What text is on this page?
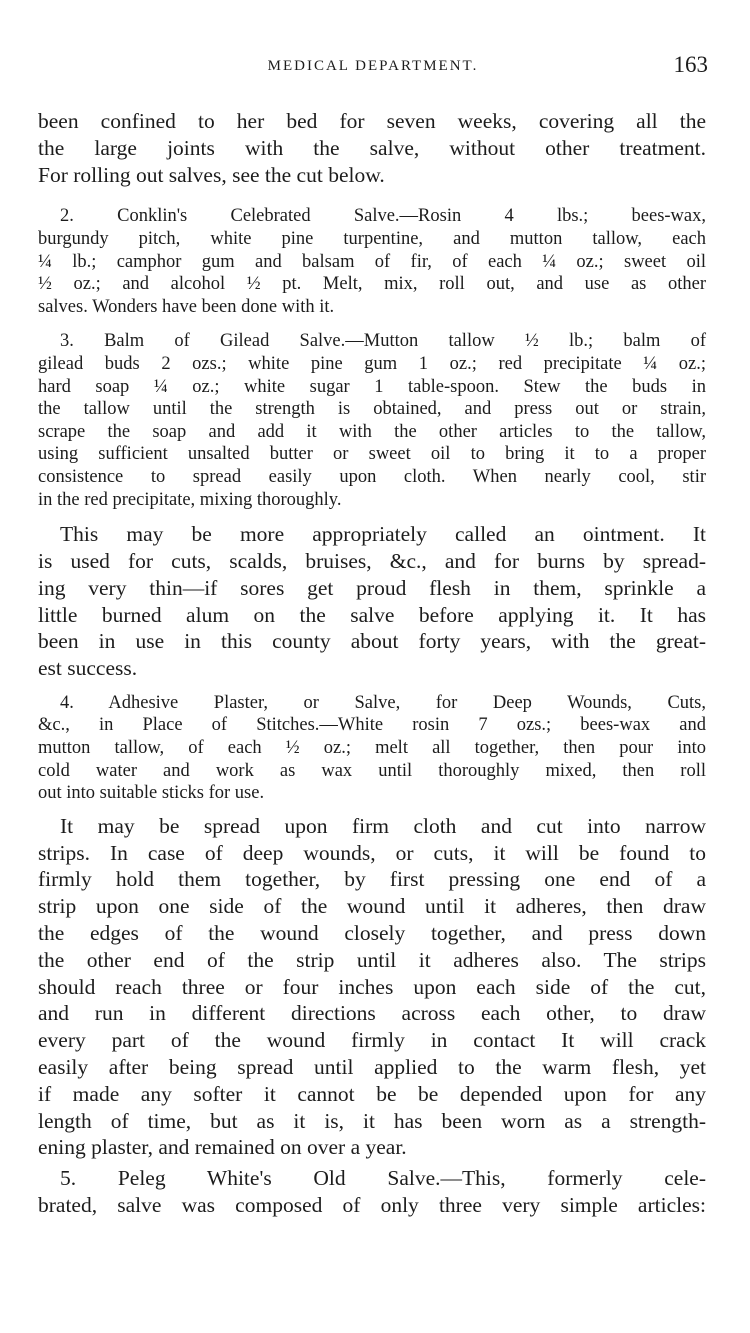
MEDICAL DEPARTMENT.	163
been confined to her bed for seven weeks, covering all the
the large joints with the salve, without other treatment.
For rolling out salves, see the cut below.
2. Conklin's Celebrated Salve.—Rosin 4 lbs.; bees-wax,
burgundy pitch, white pine turpentine, and mutton tallow, each
¼ lb.; camphor gum and balsam of fir, of each ¼ oz.; sweet oil
½ oz.; and alcohol ½ pt. Melt, mix, roll out, and use as other
salves. Wonders have been done with it.
3. Balm of Gilead Salve.—Mutton tallow ½ lb.; balm of
gilead buds 2 ozs.; white pine gum 1 oz.; red precipitate ¼ oz.;
hard soap ¼ oz.; white sugar 1 table-spoon. Stew the buds in
the tallow until the strength is obtained, and press out or strain,
scrape the soap and add it with the other articles to the tallow,
using sufficient unsalted butter or sweet oil to bring it to a proper
consistence to spread easily upon cloth. When nearly cool, stir
in the red precipitate, mixing thoroughly.
This may be more appropriately called an ointment. It
is used for cuts, scalds, bruises, &c., and for burns by spread-
ing very thin—if sores get proud flesh in them, sprinkle a
little burned alum on the salve before applying it. It has
been in use in this county about forty years, with the great-
est success.
4. Adhesive Plaster, or Salve, for Deep Wounds, Cuts,
&c., in Place of Stitches.—White rosin 7 ozs.; bees-wax and
mutton tallow, of each ½ oz.; melt all together, then pour into
cold water and work as wax until thoroughly mixed, then roll
out into suitable sticks for use.
It may be spread upon firm cloth and cut into narrow
strips. In case of deep wounds, or cuts, it will be found to
firmly hold them together, by first pressing one end of a
strip upon one side of the wound until it adheres, then draw
the edges of the wound closely together, and press down
the other end of the strip until it adheres also. The strips
should reach three or four inches upon each side of the cut,
and run in different directions across each other, to draw
every part of the wound firmly in contact It will crack
easily after being spread until applied to the warm flesh, yet
if made any softer it cannot be be depended upon for any
length of time, but as it is, it has been worn as a strength-
ening plaster, and remained on over a year.
5. Peleg White's Old Salve.—This, formerly cele-
brated, salve was composed of only three very simple articles:
